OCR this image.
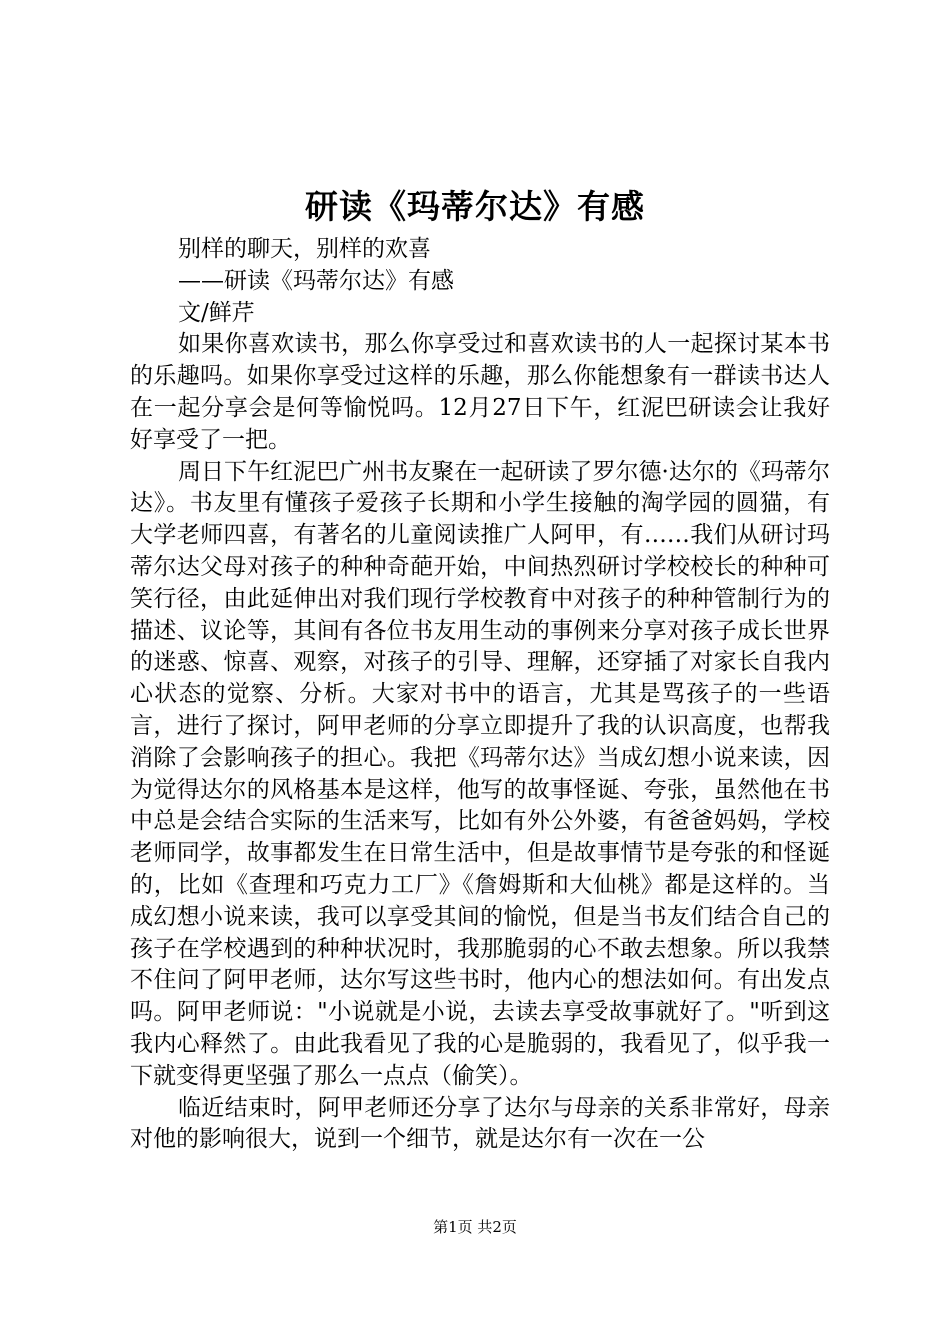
研读《玛蒂尔达》有感

别样的聊天，别样的欢喜

——研读《玛蒂尔达》有感

文/鲜芹

如果你喜欢读书，那么你享受过和喜欢读书的人一起探讨某本书的乐趣吗。如果你享受过这样的乐趣，那么你能想象有一群读书达人在一起分享会是何等愉悦吗。12月27日下午，红泥巴研读会让我好好享受了一把。

周日下午红泥巴广州书友聚在一起研读了罗尔德·达尔的《玛蒂尔达》。书友里有懂孩子爱孩子长期和小学生接触的淘学园的圆猫，有大学老师四喜，有著名的儿童阅读推广人阿甲，有……我们从研讨玛蒂尔达父母对孩子的种种奇葩开始，中间热烈研讨学校校长的种种可笑行径，由此延伸出对我们现行学校教育中对孩子的种种管制行为的描述、议论等，其间有各位书友用生动的事例来分享对孩子成长世界的迷惑、惊喜、观察，对孩子的引导、理解，还穿插了对家长自我内心状态的觉察、分析。大家对书中的语言，尤其是骂孩子的一些语言，进行了探讨，阿甲老师的分享立即提升了我的认识高度，也帮我消除了会影响孩子的担心。我把《玛蒂尔达》当成幻想小说来读，因为觉得达尔的风格基本是这样，他写的故事怪诞、夸张，虽然他在书中总是会结合实际的生活来写，比如有外公外婆，有爸爸妈妈，学校老师同学，故事都发生在日常生活中，但是故事情节是夸张的和怪诞的，比如《查理和巧克力工厂》《詹姆斯和大仙桃》都是这样的。当成幻想小说来读，我可以享受其间的愉悦，但是当书友们结合自己的孩子在学校遇到的种种状况时，我那脆弱的心不敢去想象。所以我禁不住问了阿甲老师，达尔写这些书时，他内心的想法如何。有出发点吗。阿甲老师说："小说就是小说，去读去享受故事就好了。"听到这我内心释然了。由此我看见了我的心是脆弱的，我看见了，似乎我一下就变得更坚强了那么一点点（偷笑）。

临近结束时，阿甲老师还分享了达尔与母亲的关系非常好，母亲对他的影响很大，说到一个细节，就是达尔有一次在一公

第1页 共2页
